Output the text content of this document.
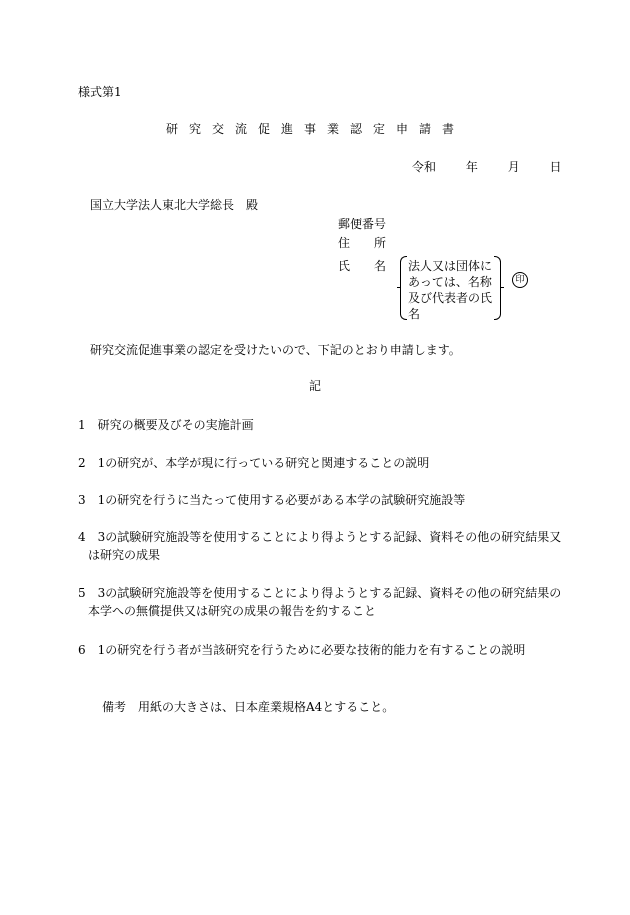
様式第1
研究交流促進事業認定申請書
令和 年 月 日
国立大学法人東北大学総長　殿
郵便番号
住　　所
氏　　名 法人又は団体に
あっては、名称
及び代表者の氏
名
印
研究交流促進事業の認定を受けたいので、下記のとおり申請します。
記
1 研究の概要及びその実施計画
2 1の研究が、本学が現に行っている研究と関連することの説明
3 1の研究を行うに当たって使用する必要がある本学の試験研究施設等
4 3の試験研究施設等を使用することにより得ようとする記録、資料その他の研究結果又
は研究の成果
5 3の試験研究施設等を使用することにより得ようとする記録、資料その他の研究結果の
本学への無償提供又は研究の成果の報告を約すること
6 1の研究を行う者が当該研究を行うために必要な技術的能力を有することの説明
備考　用紙の大きさは、日本産業規格A4とすること。
